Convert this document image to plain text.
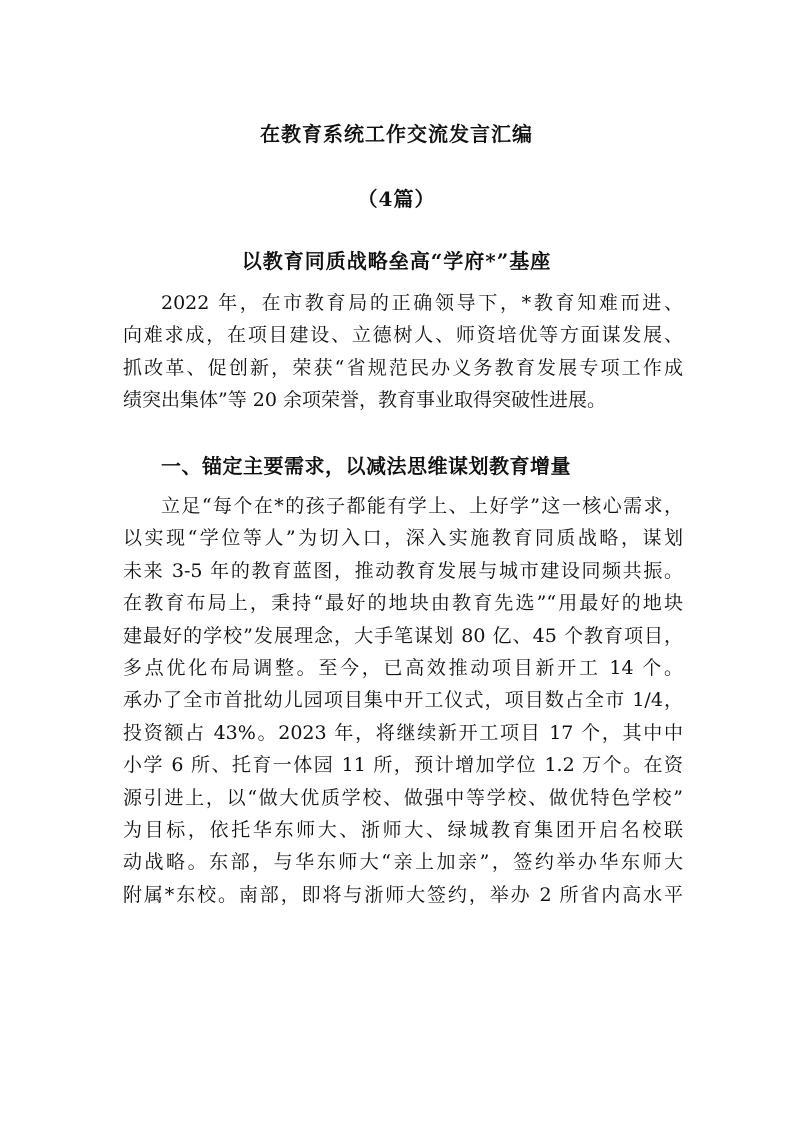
在教育系统工作交流发言汇编
（4篇）
以教育同质战略垒高“学府*”基座
2022 年，在市教育局的正确领导下，*教育知难而进、
向难求成，在项目建设、立德树人、师资培优等方面谋发展、
抓改革、促创新，荣获“省规范民办义务教育发展专项工作成
绩突出集体”等 20 余项荣誉，教育事业取得突破性进展。
一、锚定主要需求，以减法思维谋划教育增量
立足“每个在*的孩子都能有学上、上好学”这一核心需求，
以实现“学位等人”为切入口，深入实施教育同质战略，谋划
未来 3-5 年的教育蓝图，推动教育发展与城市建设同频共振。
在教育布局上，秉持“最好的地块由教育先选”“用最好的地块
建最好的学校”发展理念，大手笔谋划 80 亿、45 个教育项目，
多点优化布局调整。至今，已高效推动项目新开工 14 个。
承办了全市首批幼儿园项目集中开工仪式，项目数占全市 1/4，
投资额占 43%。2023 年，将继续新开工项目 17 个，其中中
小学 6 所、托育一体园 11 所，预计增加学位 1.2 万个。在资
源引进上，以“做大优质学校、做强中等学校、做优特色学校”
为目标，依托华东师大、浙师大、绿城教育集团开启名校联
动战略。东部，与华东师大“亲上加亲”，签约举办华东师大
附属*东校。南部，即将与浙师大签约，举办 2 所省内高水平
